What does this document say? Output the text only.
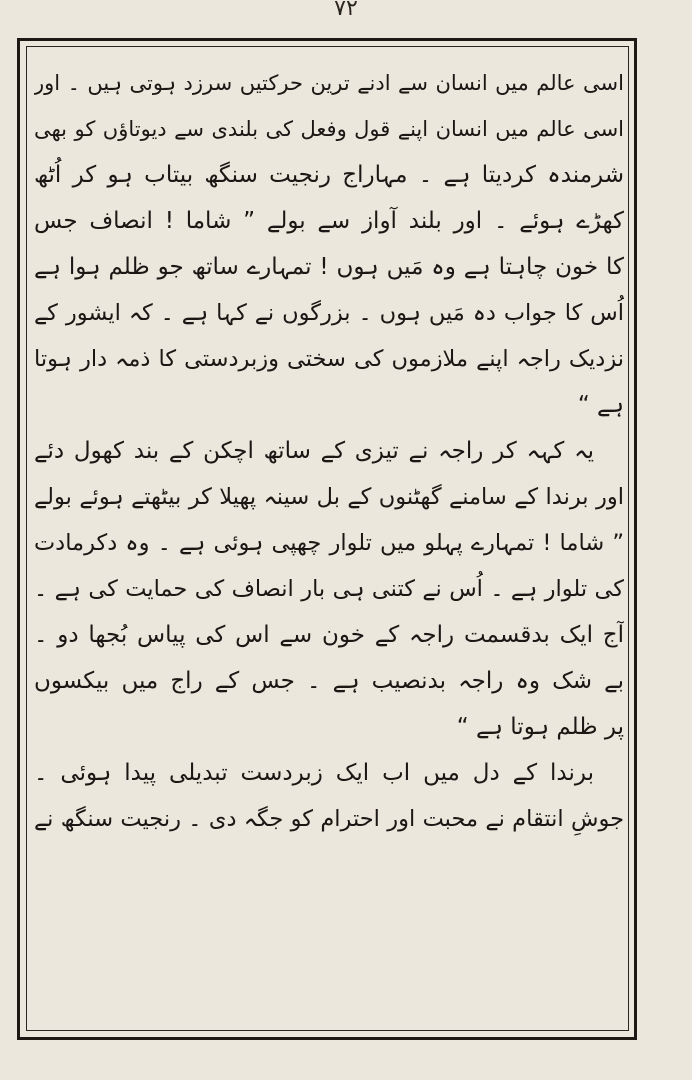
۷۲
اسی عالم میں انسان سے ادنے ترین حرکتیں سرزد ہوتی ہیں ۔ اور
اسی عالم میں انسان اپنے قول وفعل کی بلندی سے دیوتاؤں کو بھی
شرمندہ کردیتا ہے ۔ مہاراج رنجیت سنگھ بیتاب ہو کر اُٹھ
کھڑے ہوئے ۔ اور بلند آواز سے بولے ” شاما ! انصاف جس
کا خون چاہتا ہے وہ مَیں ہوں ! تمہارے ساتھ جو ظلم ہوا ہے
اُس کا جواب دہ مَیں ہوں ۔ بزرگوں نے کہا ہے ۔ کہ ایشور کے
نزدیک راجہ اپنے ملازموں کی سختی وزبردستی کا ذمہ دار ہوتا
ہے “
یہ کہہ کر راجہ نے تیزی کے ساتھ اچکن کے بند کھول دئے
اور برندا کے سامنے گھٹنوں کے بل سینہ پھیلا کر بیٹھتے ہوئے بولے
” شاما ! تمہارے پہلو میں تلوار چھپی ہوئی ہے ۔ وہ دکرمادت
کی تلوار ہے ۔ اُس نے کتنی ہی بار انصاف کی حمایت کی ہے ۔
آج ایک بدقسمت راجہ کے خون سے اس کی پیاس بُجھا دو ۔
بے شک وہ راجہ بدنصیب ہے ۔ جس کے راج میں بیکسوں
پر ظلم ہوتا ہے “
برندا کے دل میں اب ایک زبردست تبدیلی پیدا ہوئی ۔
جوشِ انتقام نے محبت اور احترام کو جگہ دی ۔ رنجیت سنگھ نے
